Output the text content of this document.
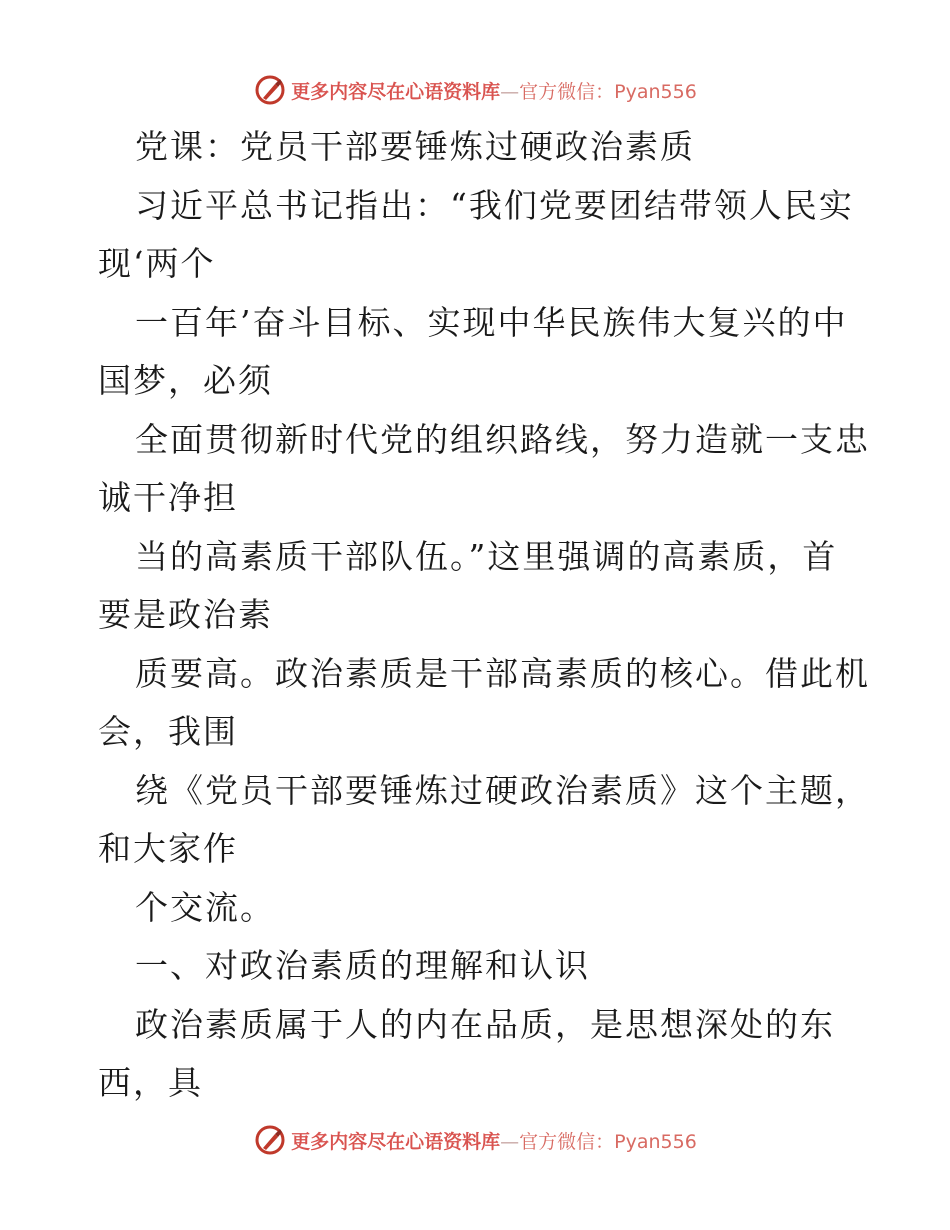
更多内容尽在心语资料库—官方微信：Pyan556
党课：党员干部要锤炼过硬政治素质
习近平总书记指出：“我们党要团结带领人民实
现‘两个
一百年’奋斗目标、实现中华民族伟大复兴的中
国梦，必须
全面贯彻新时代党的组织路线，努力造就一支忠
诚干净担
当的高素质干部队伍。”这里强调的高素质，首
要是政治素
质要高。政治素质是干部高素质的核心。借此机
会，我围
绕《党员干部要锤炼过硬政治素质》这个主题，
和大家作
个交流。
一、对政治素质的理解和认识
政治素质属于人的内在品质，是思想深处的东
西，具
更多内容尽在心语资料库—官方微信：Pyan556
